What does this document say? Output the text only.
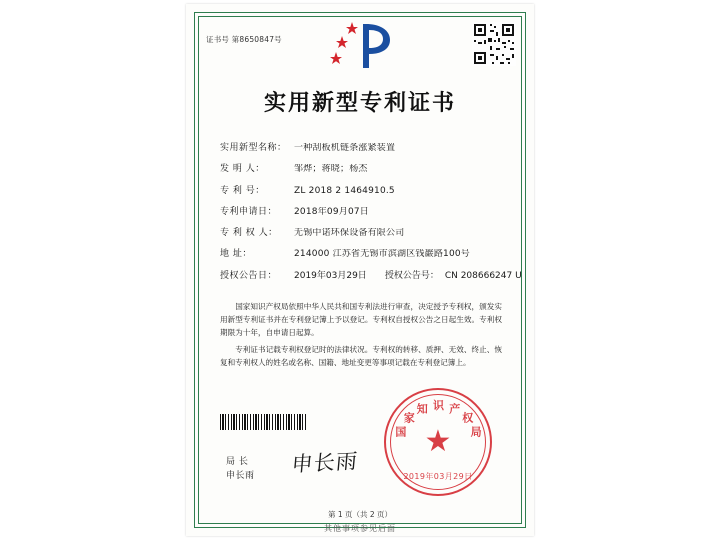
证书号 第8650847号
实用新型专利证书
实用新型名称： 一种刮板机链条涨紧装置
发 明 人：	邹烨；蒋晓；杨杰
专 利 号：	ZL 2018 2 1464910.5
专利申请日：	2018年09月07日
专 利 权 人：	无锡中诺环保设备有限公司
地 址：	214000 江苏省无锡市滨湖区钱巖路100号
授权公告日：	2019年03月29日 授权公告号： CN 208666247 U

国家知识产权局依照中华人民共和国专利法进行审查，决定授予专利权，颁发实用新型专利证书并在专利登记簿上予以登记。专利权自授权公告之日起生效。专利权期限为十年，自申请日起算。

专利证书记载专利权登记时的法律状况。专利权的转移、质押、无效、终止、恢复和专利权人的姓名或名称、国籍、地址变更等事项记载在专利登记簿上。

局 长
申长雨 申长雨
★
国
家
知 识 产
权
局
2019年03月29日
第 1 页（共 2 页）
其他事项参见后面
